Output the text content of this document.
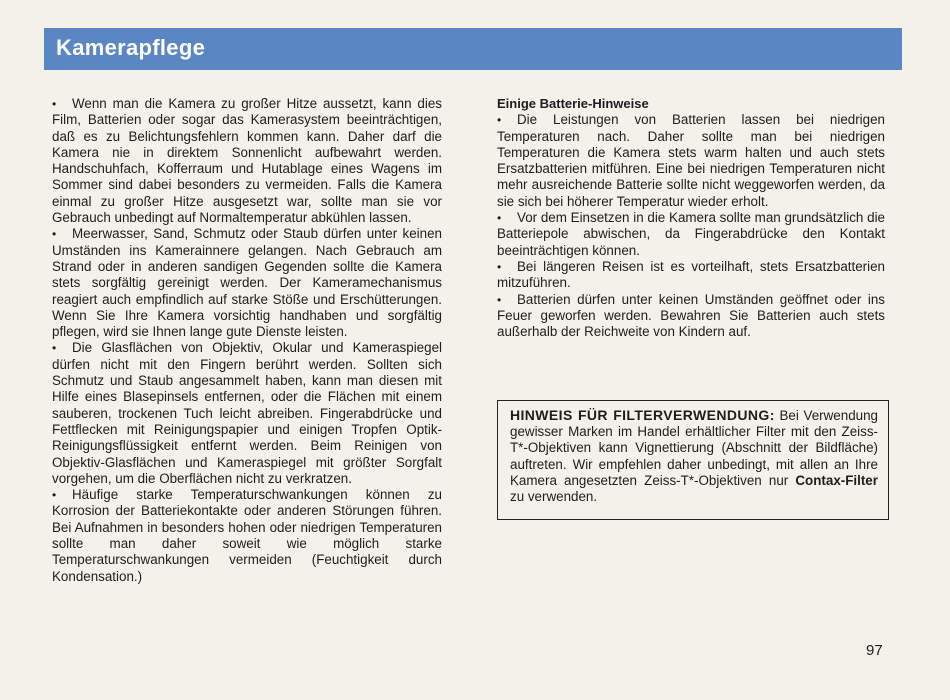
Kamerapflege

• Wenn man die Kamera zu großer Hitze aussetzt, kann dies Film, Batterien oder sogar das Kamerasystem beeinträchtigen, daß es zu Belichtungsfehlern kommen kann. Daher darf die Kamera nie in direktem Sonnenlicht aufbewahrt werden. Handschuhfach, Kofferraum und Hutablage eines Wagens im Sommer sind dabei besonders zu vermeiden. Falls die Kamera einmal zu großer Hitze ausgesetzt war, sollte man sie vor Gebrauch unbedingt auf Normaltemperatur abkühlen lassen.

• Meerwasser, Sand, Schmutz oder Staub dürfen unter keinen Umständen ins Kamerainnere gelangen. Nach Gebrauch am Strand oder in anderen sandigen Gegenden sollte die Kamera stets sorgfältig gereinigt werden. Der Kameramechanismus reagiert auch empfindlich auf starke Stöße und Erschütterungen. Wenn Sie Ihre Kamera vorsichtig handhaben und sorgfältig pflegen, wird sie Ihnen lange gute Dienste leisten.

• Die Glasflächen von Objektiv, Okular und Kameraspiegel dürfen nicht mit den Fingern berührt werden. Sollten sich Schmutz und Staub angesammelt haben, kann man diesen mit Hilfe eines Blasepinsels entfernen, oder die Flächen mit einem sauberen, trockenen Tuch leicht abreiben. Fingerabdrücke und Fettflecken mit Reinigungspapier und einigen Tropfen Optik-Reinigungsflüssigkeit entfernt werden. Beim Reinigen von Objektiv-Glasflächen und Kameraspiegel mit größter Sorgfalt vorgehen, um die Oberflächen nicht zu verkratzen.

• Häufige starke Temperaturschwankungen können zu Korrosion der Batteriekontakte oder anderen Störungen führen. Bei Aufnahmen in besonders hohen oder niedrigen Temperaturen sollte man daher soweit wie möglich starke Temperaturschwankungen vermeiden (Feuchtigkeit durch Kondensation.)

Einige Batterie-Hinweise

• Die Leistungen von Batterien lassen bei niedrigen Temperaturen nach. Daher sollte man bei niedrigen Temperaturen die Kamera stets warm halten und auch stets Ersatzbatterien mitführen. Eine bei niedrigen Temperaturen nicht mehr ausreichende Batterie sollte nicht weggeworfen werden, da sie sich bei höherer Temperatur wieder erholt.

• Vor dem Einsetzen in die Kamera sollte man grundsätzlich die Batteriepole abwischen, da Fingerabdrücke den Kontakt beeinträchtigen können.

• Bei längeren Reisen ist es vorteilhaft, stets Ersatzbatterien mitzuführen.

• Batterien dürfen unter keinen Umständen geöffnet oder ins Feuer geworfen werden. Bewahren Sie Batterien auch stets außerhalb der Reichweite von Kindern auf.

HINWEIS FÜR FILTERVERWENDUNG: Bei Verwendung gewisser Marken im Handel erhältlicher Filter mit den Zeiss-T*-Objektiven kann Vignettierung (Abschnitt der Bildfläche) auftreten. Wir empfehlen daher unbedingt, mit allen an Ihre Kamera angesetzten Zeiss-T*-Objektiven nur Contax-Filter zu verwenden.
97
